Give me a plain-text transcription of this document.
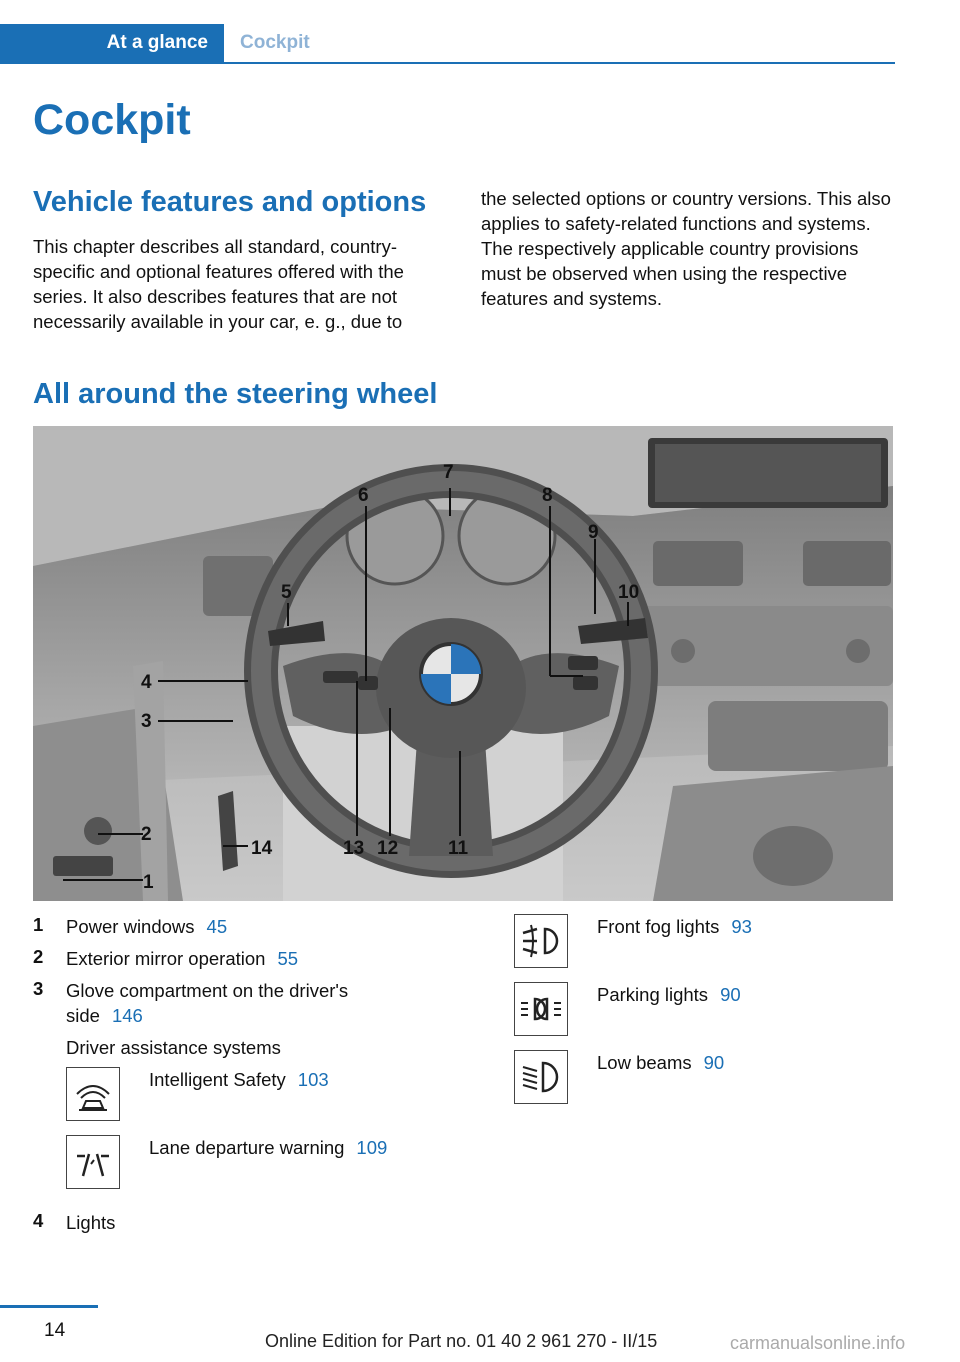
At a glance	Cockpit
Cockpit
Vehicle features and options

This chapter describes all standard, country-specific and optional features offered with the series. It also describes features that are not necessarily available in your car, e. g., due to

the selected options or country versions. This also applies to safety-related functions and systems. The respectively applicable country provisions must be observed when using the respective features and systems.

All around the steering wheel
7
6	8
9
10
5
4
3
2
1
14	13 12	11
1 Power windows 45
2 Exterior mirror operation 55
3 Glove compartment on the driver's side 146
Driver assistance systems
Intelligent Safety 103
Lane departure warning 109
4 Lights
Front fog lights 93
Parking lights 90
Low beams 90
14	Online Edition for Part no. 01 40 2 961 270 - II/15	carmanualsonline.info
